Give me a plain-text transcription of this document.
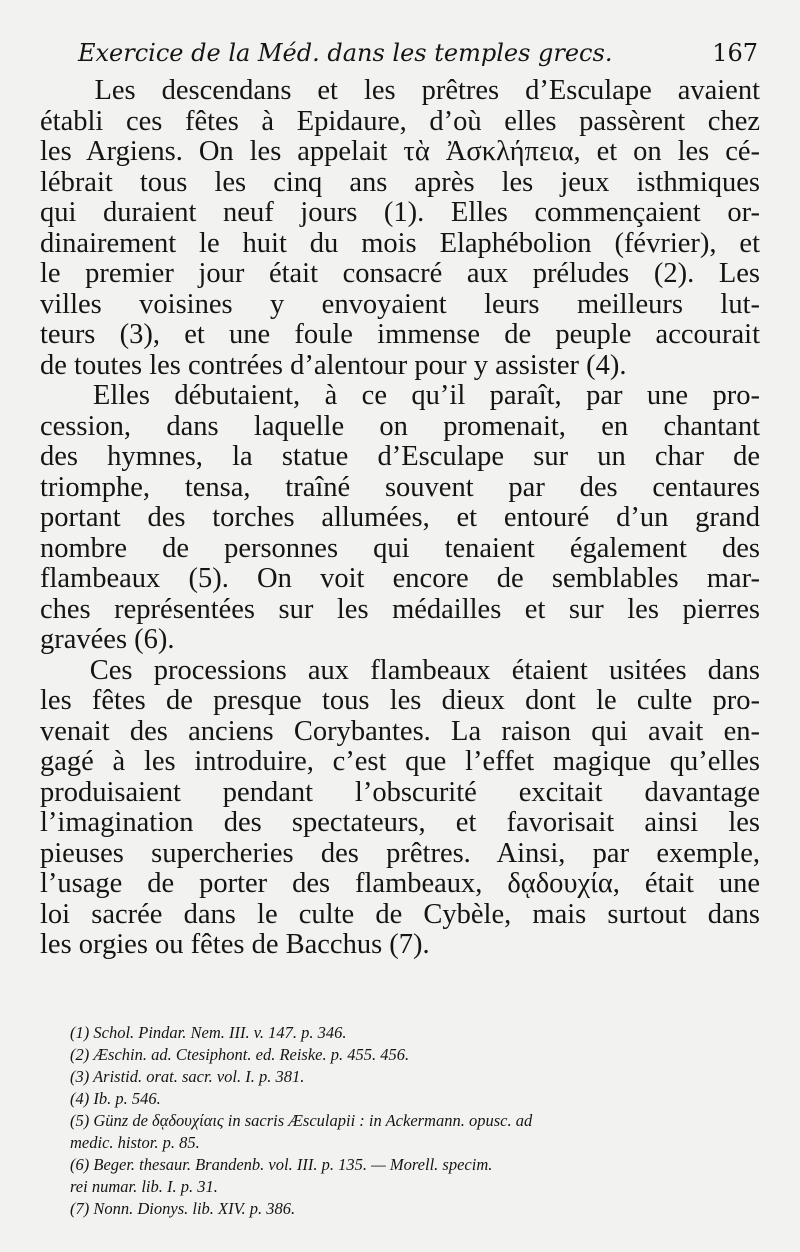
Exercice de la Méd. dans les temples grecs.	167
  Les descendans et les prêtres d’Esculape avaient
établi ces fêtes à Epidaure, d’où elles passèrent chez
les Argiens. On les appelait τὰ Ἀσκλήπεια, et on les cé-
lébrait tous les cinq ans après les jeux isthmiques
qui duraient neuf jours (1). Elles commençaient or-
dinairement le huit du mois Elaphébolion (février), et
le premier jour était consacré aux préludes (2). Les
villes voisines y envoyaient leurs meilleurs lut-
teurs (3), et une foule immense de peuple accourait
de toutes les contrées d’alentour pour y assister (4).
  Elles débutaient, à ce qu’il paraît, par une pro-
cession, dans laquelle on promenait, en chantant
des hymnes, la statue d’Esculape sur un char de
triomphe, tensa, traîné souvent par des centaures
portant des torches allumées, et entouré d’un grand
nombre de personnes qui tenaient également des
flambeaux (5). On voit encore de semblables mar-
ches représentées sur les médailles et sur les pierres
gravées (6).
  Ces processions aux flambeaux étaient usitées dans
les fêtes de presque tous les dieux dont le culte pro-
venait des anciens Corybantes. La raison qui avait en-
gagé à les introduire, c’est que l’effet magique qu’elles
produisaient pendant l’obscurité excitait davantage
l’imagination des spectateurs, et favorisait ainsi les
pieuses supercheries des prêtres. Ainsi, par exemple,
l’usage de porter des flambeaux, δᾳδουχία, était une
loi sacrée dans le culte de Cybèle, mais surtout dans
les orgies ou fêtes de Bacchus (7).
(1) Schol. Pindar. Nem. III. v. 147. p. 346.
(2) Æschin. ad. Ctesiphont. ed. Reiske. p. 455. 456.
(3) Aristid. orat. sacr. vol. I. p. 381.
(4) Ib. p. 546.
(5) Günz de δᾳδουχίαις in sacris Æsculapii : in Ackermann. opusc. ad
medic. histor. p. 85.
(6) Beger. thesaur. Brandenb. vol. III. p. 135. — Morell. specim.
rei numar. lib. I. p. 31.
(7) Nonn. Dionys. lib. XIV. p. 386.
